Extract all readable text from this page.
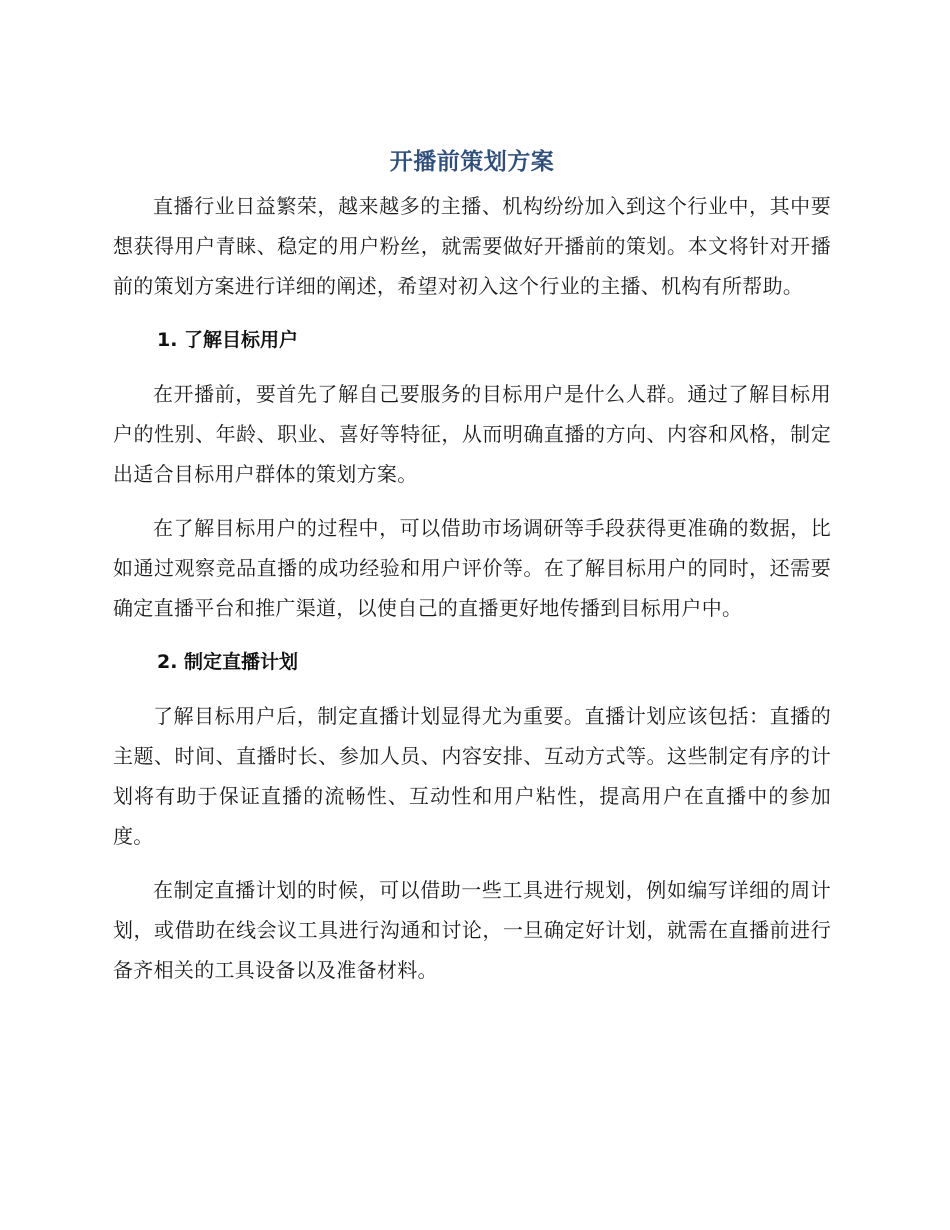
开播前策划方案

直播行业日益繁荣，越来越多的主播、机构纷纷加入到这个行业中，其中要想获得用户青睐、稳定的用户粉丝，就需要做好开播前的策划。本文将针对开播前的策划方案进行详细的阐述，希望对初入这个行业的主播、机构有所帮助。

1. 了解目标用户

在开播前，要首先了解自己要服务的目标用户是什么人群。通过了解目标用户的性别、年龄、职业、喜好等特征，从而明确直播的方向、内容和风格，制定出适合目标用户群体的策划方案。

在了解目标用户的过程中，可以借助市场调研等手段获得更准确的数据，比如通过观察竞品直播的成功经验和用户评价等。在了解目标用户的同时，还需要确定直播平台和推广渠道，以使自己的直播更好地传播到目标用户中。

2. 制定直播计划

了解目标用户后，制定直播计划显得尤为重要。直播计划应该包括：直播的主题、时间、直播时长、参加人员、内容安排、互动方式等。这些制定有序的计划将有助于保证直播的流畅性、互动性和用户粘性，提高用户在直播中的参加度。

在制定直播计划的时候，可以借助一些工具进行规划，例如编写详细的周计划，或借助在线会议工具进行沟通和讨论，一旦确定好计划，就需在直播前进行备齐相关的工具设备以及准备材料。
